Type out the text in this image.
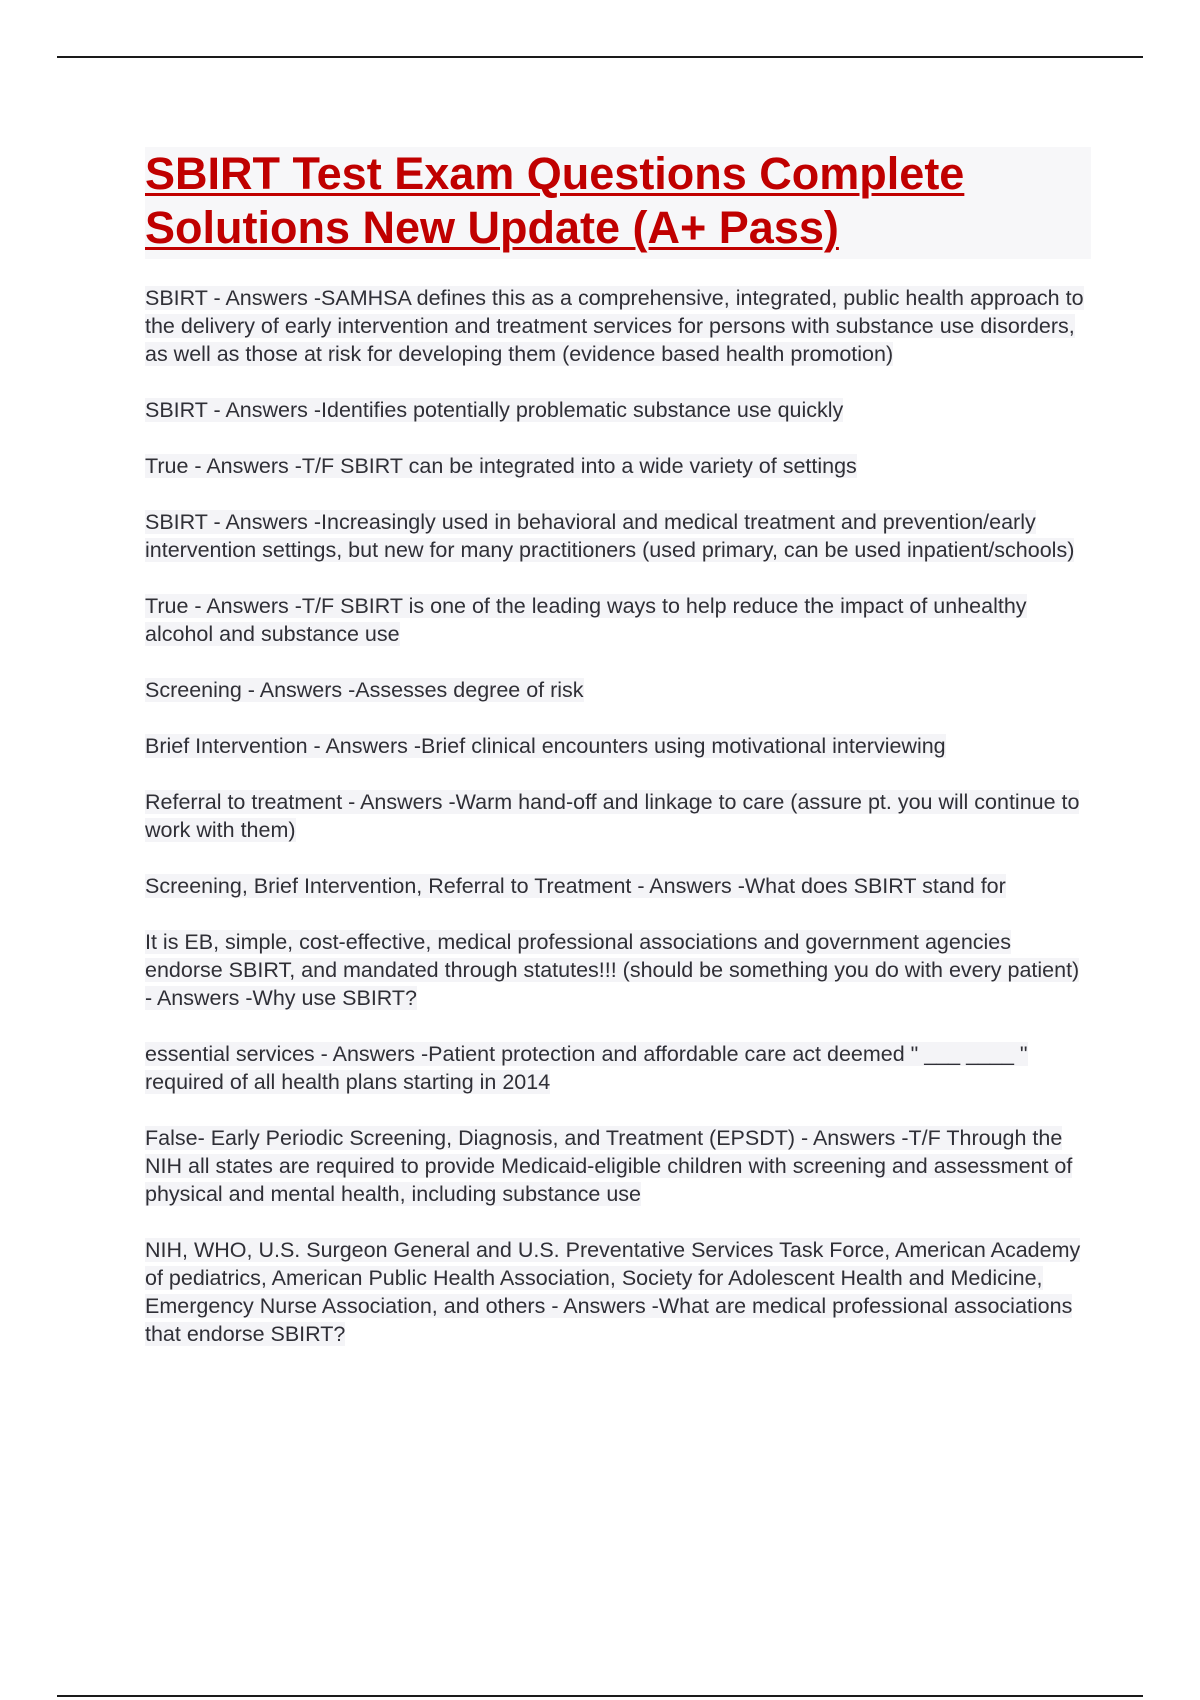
SBIRT Test Exam Questions Complete Solutions New Update (A+ Pass)

SBIRT - Answers -SAMHSA defines this as a comprehensive, integrated, public health approach to the delivery of early intervention and treatment services for persons with substance use disorders, as well as those at risk for developing them (evidence based health promotion)

SBIRT - Answers -Identifies potentially problematic substance use quickly

True - Answers -T/F SBIRT can be integrated into a wide variety of settings

SBIRT - Answers -Increasingly used in behavioral and medical treatment and prevention/early intervention settings, but new for many practitioners (used primary, can be used inpatient/schools)

True - Answers -T/F SBIRT is one of the leading ways to help reduce the impact of unhealthy alcohol and substance use

Screening - Answers -Assesses degree of risk

Brief Intervention - Answers -Brief clinical encounters using motivational interviewing

Referral to treatment - Answers -Warm hand-off and linkage to care (assure pt. you will continue to work with them)

Screening, Brief Intervention, Referral to Treatment - Answers -What does SBIRT stand for

It is EB, simple, cost-effective, medical professional associations and government agencies endorse SBIRT, and mandated through statutes!!! (should be something you do with every patient) - Answers -Why use SBIRT?

essential services - Answers -Patient protection and affordable care act deemed " ___ ____ " required of all health plans starting in 2014

False- Early Periodic Screening, Diagnosis, and Treatment (EPSDT) - Answers -T/F Through the NIH all states are required to provide Medicaid-eligible children with screening and assessment of physical and mental health, including substance use

NIH, WHO, U.S. Surgeon General and U.S. Preventative Services Task Force, American Academy of pediatrics, American Public Health Association, Society for Adolescent Health and Medicine, Emergency Nurse Association, and others - Answers -What are medical professional associations that endorse SBIRT?
